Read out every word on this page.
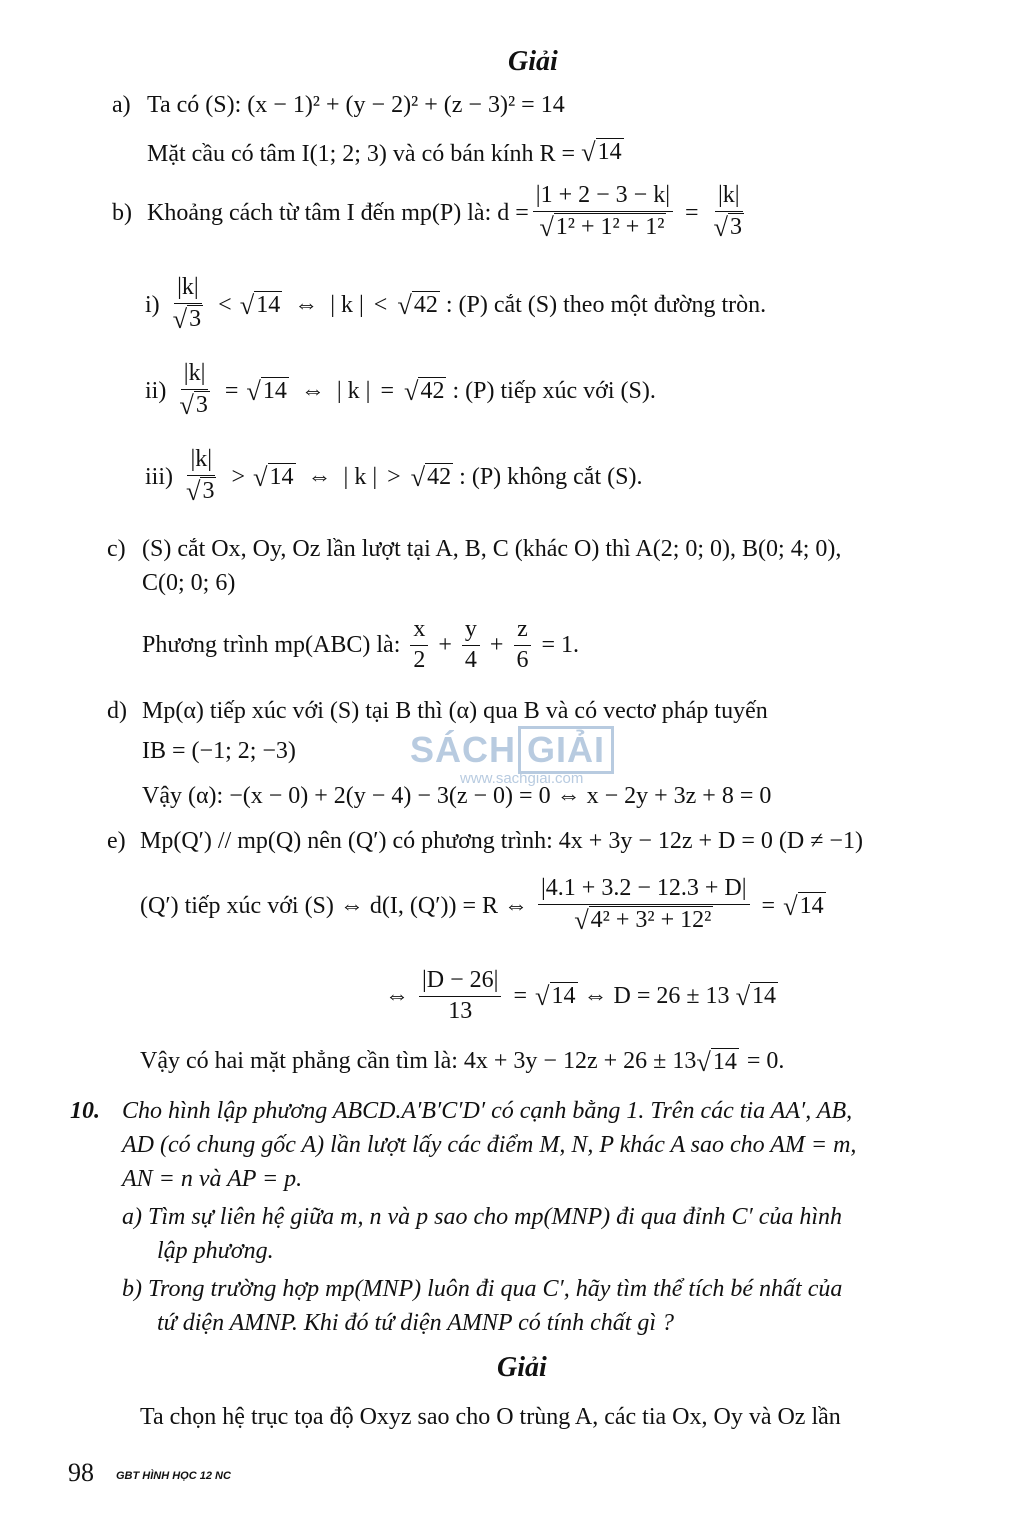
Giải
a) Ta có (S): (x − 1)² + (y − 2)² + (z − 3)² = 14
Mặt cầu có tâm I(1; 2; 3) và có bán kính R = √ 14
b) Khoảng cách từ tâm I đến mp(P) là: $d = \frac{|1 + 2 - 3 - k|}{\text{√ 1² + 1² + 1²}} = \frac{|k|}{√ 3}$
$i) \frac{|k|}{√ 3}$ < √ 14 ⇔ | k | < √ 42 : (P) cắt (S) theo một đường tròn.
$ii) \frac{|k|}{√ 3}$ = √ 14 ⇔ | k | = √ 42 : (P) tiếp xúc với (S).
$iii) \frac{|k|}{√ 3}$ > √ 14 ⇔ | k | > √ 42 : (P) không cắt (S).
c) (S) cắt Ox, Oy, Oz lần lượt tại A, B, C (khác O) thì A(2; 0; 0), B(0; 4; 0),
C(0; 0; 6)
Phương trình mp(ABC) là: $\frac{x}{2} + \frac{y}{4} + \frac{z}{6} = 1$.
d) Mp(α) tiếp xúc với (S) tại B thì (α) qua B và có vectơ pháp tuyến
IB = (−1; 2; −3)
Vậy (α): −(x − 0) + 2(y − 4) − 3(z − 0) = 0 ⇔ x − 2y + 3z + 8 = 0
SÁCH GIẢI
www.sachgiai.com
e) Mp(Q′) // mp(Q) nên (Q′) có phương trình: 4x + 3y − 12z + D = 0 (D ≠ −1)
(Q′) tiếp xúc với (S) ⇔ d(I, (Q′)) = R ⇔ $\frac{|4.1 + 3.2 - 12.3 + D|}{\text{√ 4² + 3² + 12²}}$ = √ 14
⇔ $\frac{|D - 26|}{13}$ = √ 14 ⇔ D = 26 ± 13 √ 14
Vậy có hai mặt phẳng cần tìm là: 4x + 3y − 12z + 26 ± 13 √ 14 = 0.
10. Cho hình lập phương ABCD.A′B′C′D′ có cạnh bằng 1. Trên các tia AA′, AB,
AD (có chung gốc A) lần lượt lấy các điểm M, N, P khác A sao cho AM = m,
AN = n và AP = p.
a) Tìm sự liên hệ giữa m, n và p sao cho mp(MNP) đi qua đỉnh C′ của hình
lập phương.
b) Trong trường hợp mp(MNP) luôn đi qua C′, hãy tìm thể tích bé nhất của
tứ diện AMNP. Khi đó tứ diện AMNP có tính chất gì ?
Giải
Ta chọn hệ trục tọa độ Oxyz sao cho O trùng A, các tia Ox, Oy và Oz lần
98 GBT HÌNH HỌC 12 NC
